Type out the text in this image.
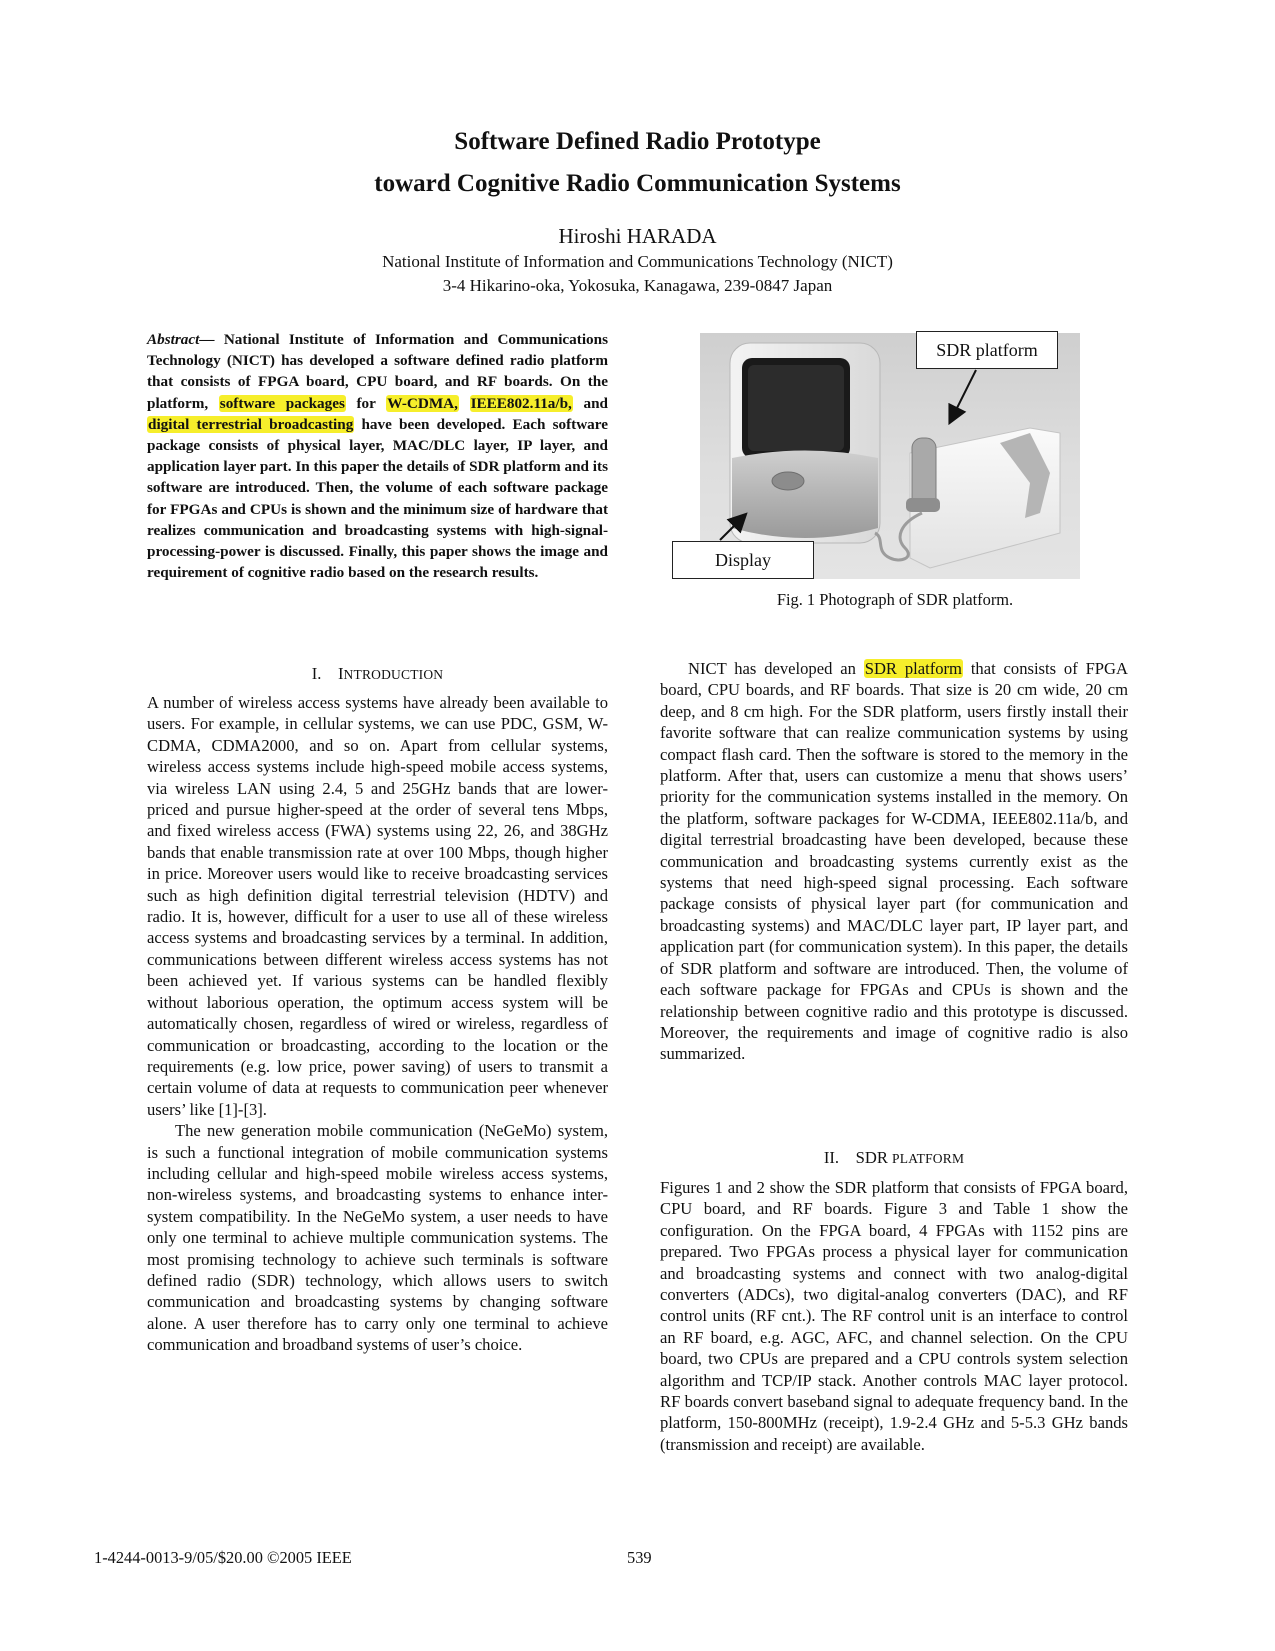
Software Defined Radio Prototype
toward Cognitive Radio Communication Systems
Hiroshi HARADA
National Institute of Information and Communications Technology (NICT)
3-4 Hikarino-oka, Yokosuka, Kanagawa, 239-0847 Japan
Abstract— National Institute of Information and Communications Technology (NICT) has developed a software defined radio platform that consists of FPGA board, CPU board, and RF boards. On the platform, software packages for W-CDMA, IEEE802.11a/b, and digital terrestrial broadcasting have been developed. Each software package consists of physical layer, MAC/DLC layer, IP layer, and application layer part. In this paper the details of SDR platform and its software are introduced. Then, the volume of each software package for FPGAs and CPUs is shown and the minimum size of hardware that realizes communication and broadcasting systems with high-signal-processing-power is discussed. Finally, this paper shows the image and requirement of cognitive radio based on the research results.
I. INTRODUCTION

A number of wireless access systems have already been available to users. For example, in cellular systems, we can use PDC, GSM, W-CDMA, CDMA2000, and so on. Apart from cellular systems, wireless access systems include high-speed mobile access systems, via wireless LAN using 2.4, 5 and 25GHz bands that are lower-priced and pursue higher-speed at the order of several tens Mbps, and fixed wireless access (FWA) systems using 22, 26, and 38GHz bands that enable transmission rate at over 100 Mbps, though higher in price. Moreover users would like to receive broadcasting services such as high definition digital terrestrial television (HDTV) and radio. It is, however, difficult for a user to use all of these wireless access systems and broadcasting services by a terminal. In addition, communications between different wireless access systems has not been achieved yet. If various systems can be handled flexibly without laborious operation, the optimum access system will be automatically chosen, regardless of wired or wireless, regardless of communication or broadcasting, according to the location or the requirements (e.g. low price, power saving) of users to transmit a certain volume of data at requests to communication peer whenever users’ like [1]-[3].

The new generation mobile communication (NeGeMo) system, is such a functional integration of mobile communication systems including cellular and high-speed mobile wireless access systems, non-wireless systems, and broadcasting systems to enhance inter-system compatibility. In the NeGeMo system, a user needs to have only one terminal to achieve multiple communication systems. The most promising technology to achieve such terminals is software defined radio (SDR) technology, which allows users to switch communication and broadcasting systems by changing software alone. A user therefore has to carry only one terminal to achieve communication and broadband systems of user’s choice.

SDR platform
Display
Fig. 1 Photograph of SDR platform.
NICT has developed an SDR platform that consists of FPGA board, CPU boards, and RF boards. That size is 20 cm wide, 20 cm deep, and 8 cm high. For the SDR platform, users firstly install their favorite software that can realize communication systems by using compact flash card. Then the software is stored to the memory in the platform. After that, users can customize a menu that shows users’ priority for the communication systems installed in the memory. On the platform, software packages for W-CDMA, IEEE802.11a/b, and digital terrestrial broadcasting have been developed, because these communication and broadcasting systems currently exist as the systems that need high-speed signal processing. Each software package consists of physical layer part (for communication and broadcasting systems) and MAC/DLC layer part, IP layer part, and application part (for communication system). In this paper, the details of SDR platform and software are introduced. Then, the volume of each software package for FPGAs and CPUs is shown and the relationship between cognitive radio and this prototype is discussed. Moreover, the requirements and image of cognitive radio is also summarized.
II. SDR PLATFORM
Figures 1 and 2 show the SDR platform that consists of FPGA board, CPU board, and RF boards. Figure 3 and Table 1 show the configuration. On the FPGA board, 4 FPGAs with 1152 pins are prepared. Two FPGAs process a physical layer for communication and broadcasting systems and connect with two analog-digital converters (ADCs), two digital-analog converters (DAC), and RF control units (RF cnt.). The RF control unit is an interface to control an RF board, e.g. AGC, AFC, and channel selection. On the CPU board, two CPUs are prepared and a CPU controls system selection algorithm and TCP/IP stack. Another controls MAC layer protocol. RF boards convert baseband signal to adequate frequency band. In the platform, 150-800MHz (receipt), 1.9-2.4 GHz and 5-5.3 GHz bands (transmission and receipt) are available.
1-4244-0013-9/05/$20.00 ©2005 IEEE	539
